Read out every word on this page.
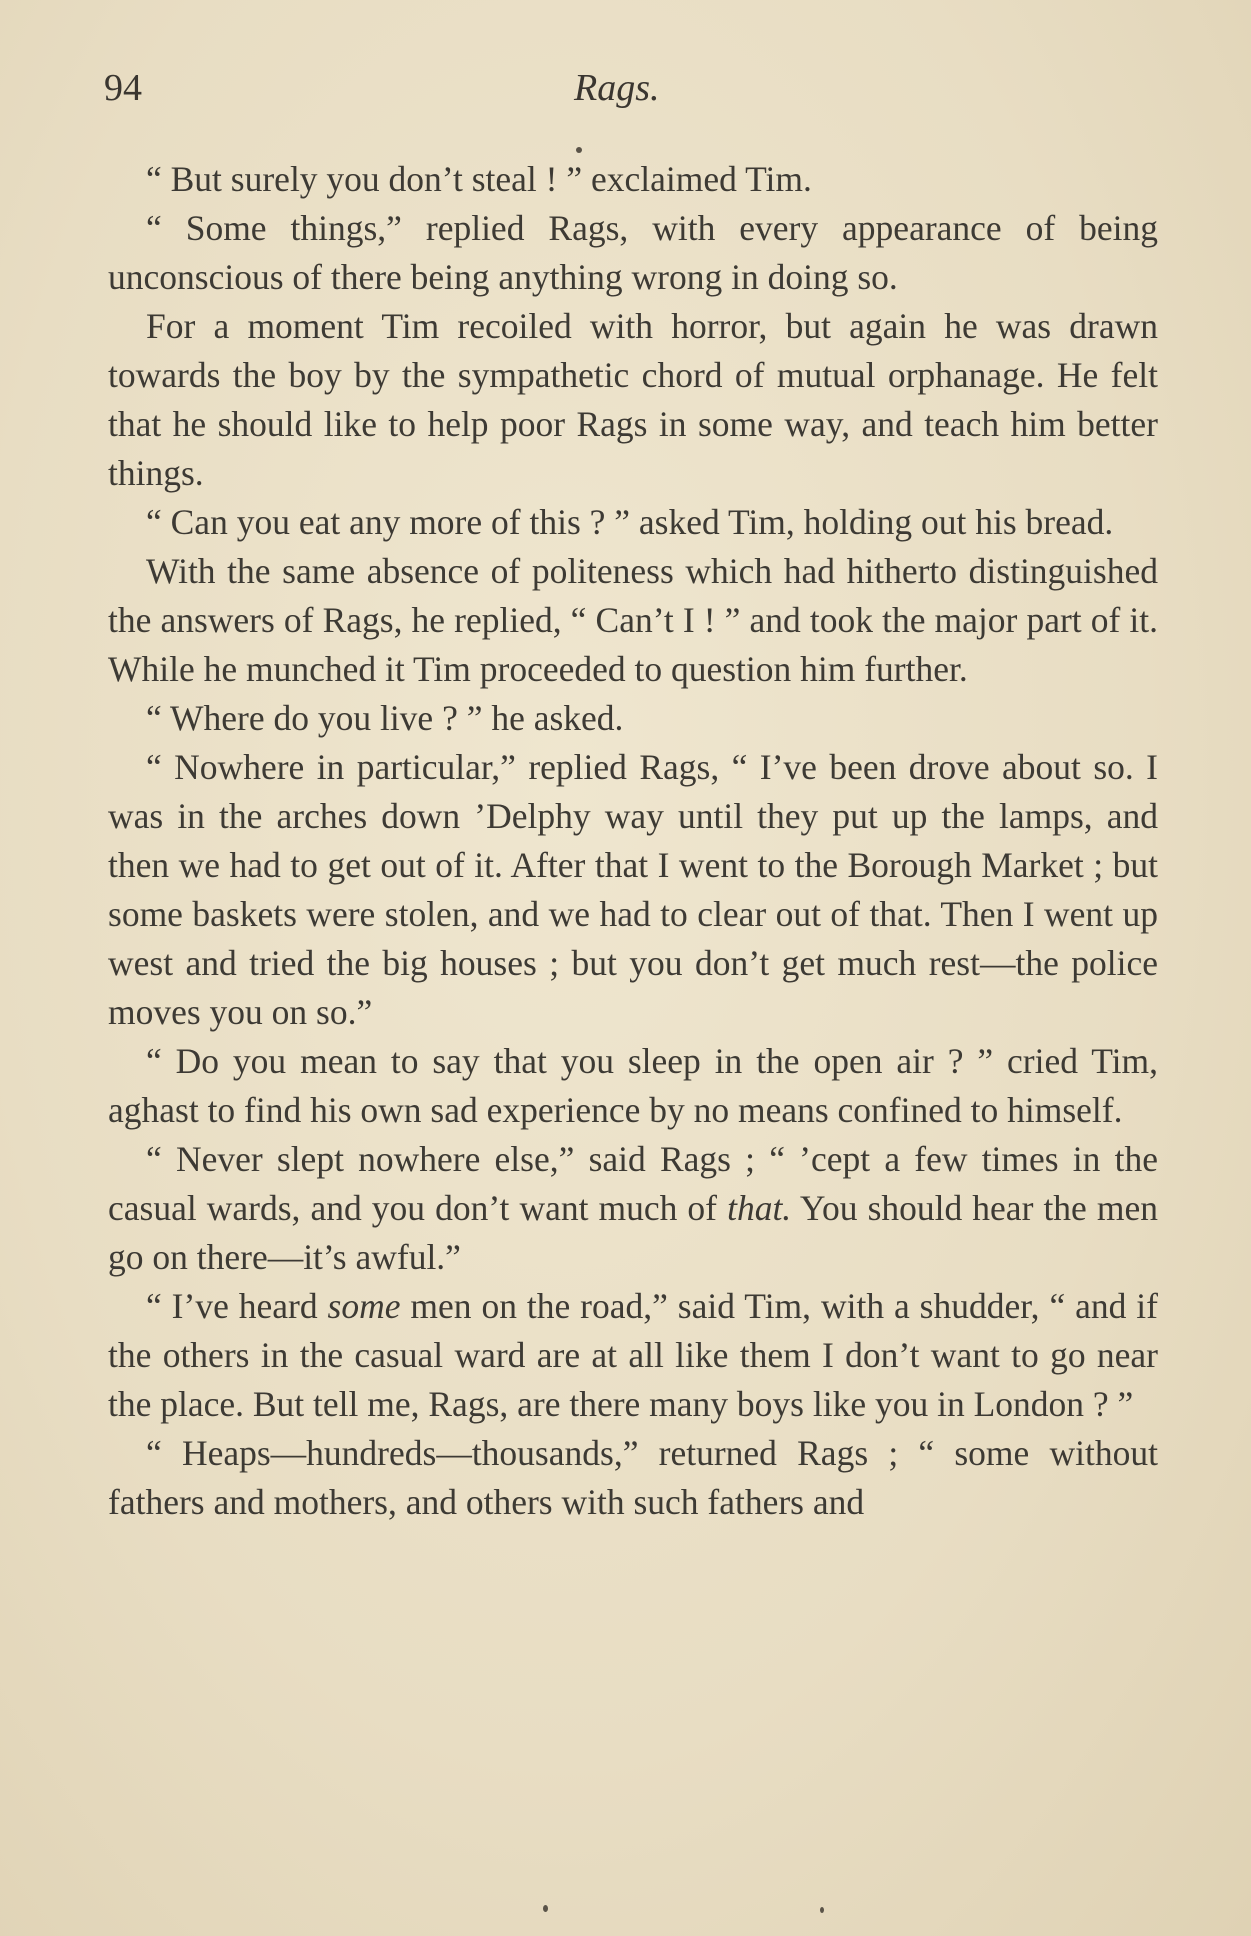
94	Rags.

“ But surely you don’t steal ! ” exclaimed Tim.

“ Some things,” replied Rags, with every appearance of being unconscious of there being anything wrong in doing so.

For a moment Tim recoiled with horror, but again he was drawn towards the boy by the sympathetic chord of mutual orphanage. He felt that he should like to help poor Rags in some way, and teach him better things.

“ Can you eat any more of this ? ” asked Tim, holding out his bread.

With the same absence of politeness which had hitherto distinguished the answers of Rags, he replied, “ Can’t I ! ” and took the major part of it. While he munched it Tim proceeded to question him further.

“ Where do you live ? ” he asked.

“ Nowhere in particular,” replied Rags, “ I’ve been drove about so. I was in the arches down ’Delphy way until they put up the lamps, and then we had to get out of it. After that I went to the Borough Market ; but some baskets were stolen, and we had to clear out of that. Then I went up west and tried the big houses ; but you don’t get much rest—the police moves you on so.”

“ Do you mean to say that you sleep in the open air ? ” cried Tim, aghast to find his own sad experience by no means confined to himself.

“ Never slept nowhere else,” said Rags ; “ ’cept a few times in the casual wards, and you don’t want much of that. You should hear the men go on there—it’s awful.”

“ I’ve heard some men on the road,” said Tim, with a shudder, “ and if the others in the casual ward are at all like them I don’t want to go near the place. But tell me, Rags, are there many boys like you in London ? ”

“ Heaps—hundreds—thousands,” returned Rags ; “ some without fathers and mothers, and others with such fathers and
